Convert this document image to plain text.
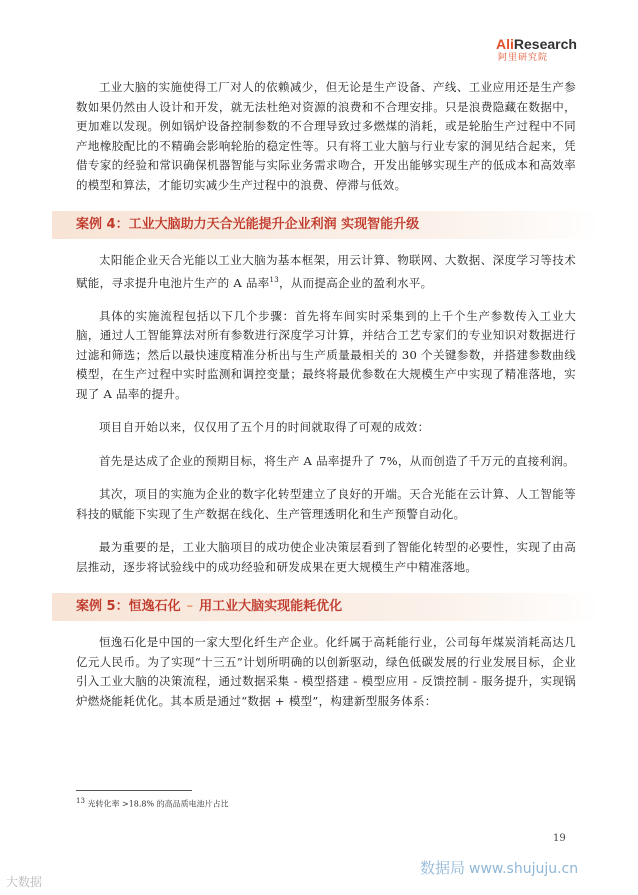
AliResearch
阿里研究院

工业大脑的实施使得工厂对人的依赖减少，但无论是生产设备、产线、工业应用还是生产参数如果仍然由人设计和开发，就无法杜绝对资源的浪费和不合理安排。只是浪费隐藏在数据中，更加难以发现。例如锅炉设备控制参数的不合理导致过多燃煤的消耗，或是轮胎生产过程中不同产地橡胶配比的不精确会影响轮胎的稳定性等。只有将工业大脑与行业专家的洞见结合起来，凭借专家的经验和常识确保机器智能与实际业务需求吻合，开发出能够实现生产的低成本和高效率的模型和算法，才能切实减少生产过程中的浪费、停滞与低效。

案例 4：工业大脑助力天合光能提升企业利润 实现智能升级

太阳能企业天合光能以工业大脑为基本框架，用云计算、物联网、大数据、深度学习等技术赋能，寻求提升电池片生产的 A 品率$^{13}$，从而提高企业的盈利水平。

具体的实施流程包括以下几个步骤：首先将车间实时采集到的上千个生产参数传入工业大脑，通过人工智能算法对所有参数进行深度学习计算，并结合工艺专家们的专业知识对数据进行过滤和筛选；然后以最快速度精准分析出与生产质量最相关的 30 个关键参数，并搭建参数曲线模型，在生产过程中实时监测和调控变量；最终将最优参数在大规模生产中实现了精准落地，实现了 A 品率的提升。

项目自开始以来，仅仅用了五个月的时间就取得了可观的成效：

首先是达成了企业的预期目标，将生产 A 品率提升了 7%，从而创造了千万元的直接利润。

其次，项目的实施为企业的数字化转型建立了良好的开端。天合光能在云计算、人工智能等科技的赋能下实现了生产数据在线化、生产管理透明化和生产预警自动化。

最为重要的是，工业大脑项目的成功使企业决策层看到了智能化转型的必要性，实现了由高层推动，逐步将试验线中的成功经验和研发成果在更大规模生产中精准落地。

案例 5：恒逸石化 – 用工业大脑实现能耗优化

恒逸石化是中国的一家大型化纤生产企业。化纤属于高耗能行业，公司每年煤炭消耗高达几亿元人民币。为了实现“十三五”计划所明确的以创新驱动，绿色低碳发展的行业发展目标，企业引入工业大脑的决策流程，通过数据采集 - 模型搭建 - 模型应用 - 反馈控制 - 服务提升，实现锅炉燃烧能耗优化。其本质是通过“数据 + 模型”，构建新型服务体系：

$^{13}$ 光转化率 >18.8% 的高品质电池片占比
19
大数据
数据局 www.shujuju.cn
